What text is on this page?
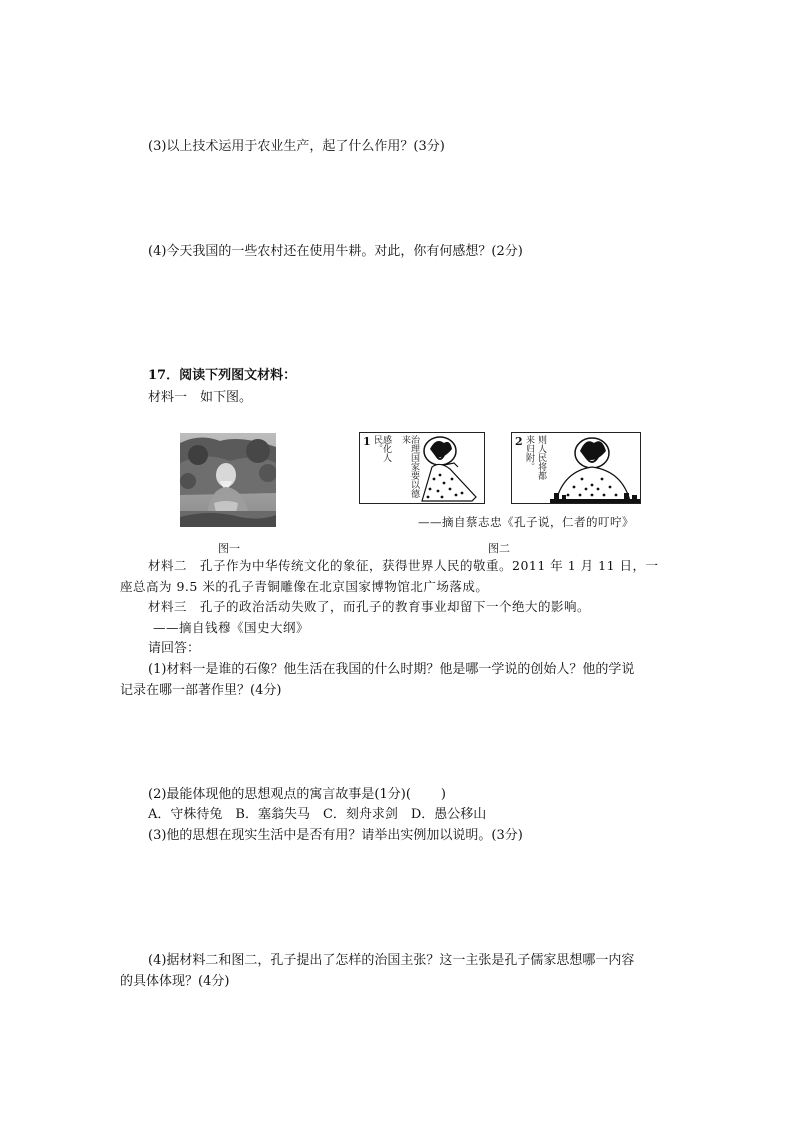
(3)以上技术运用于农业生产，起了什么作用？(3分)
(4)今天我国的一些农村还在使用牛耕。对此，你有何感想？(2分)
17．阅读下列图文材料：
材料一　如下图。
图一
1	感化人民。	治理国家要以德来	2 来归附。 则人民将都
——摘自蔡志忠《孔子说，仁者的叮咛》
图二
材料二　孔子作为中华传统文化的象征，获得世界人民的敬重。2011 年 1 月 11 日，一
座总高为 9.5 米的孔子青铜雕像在北京国家博物馆北广场落成。
材料三　孔子的政治活动失败了，而孔子的教育事业却留下一个绝大的影响。
——摘自钱穆《国史大纲》
请回答：
(1)材料一是谁的石像？他生活在我国的什么时期？他是哪一学说的创始人？他的学说
记录在哪一部著作里？(4分)
(2)最能体现他的思想观点的寓言故事是(1分)( )
A．守株待兔　B．塞翁失马　C．刻舟求剑　D．愚公移山
(3)他的思想在现实生活中是否有用？请举出实例加以说明。(3分)
(4)据材料二和图二，孔子提出了怎样的治国主张？这一主张是孔子儒家思想哪一内容
的具体体现？(4分)
